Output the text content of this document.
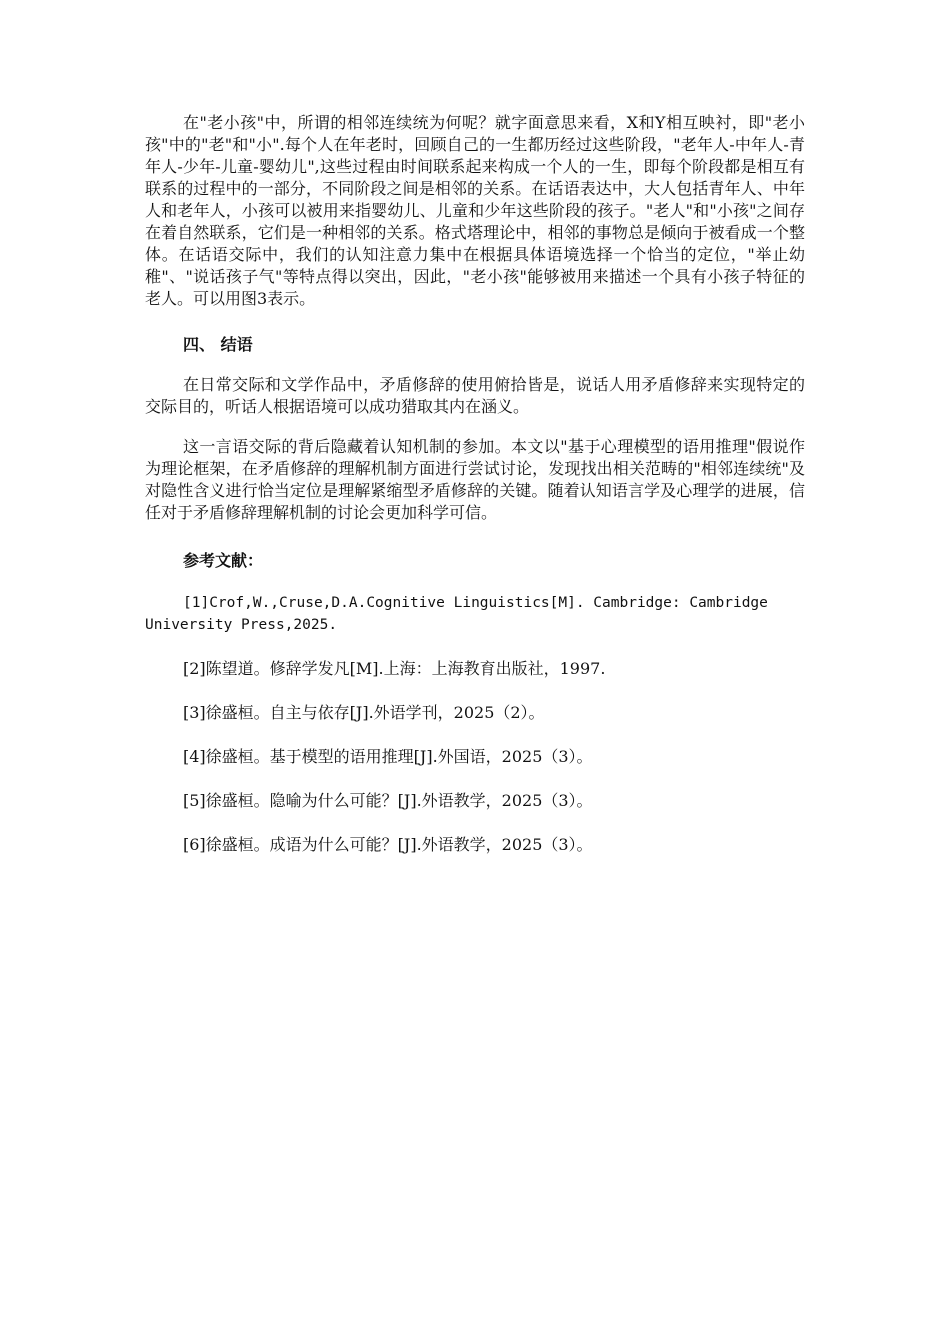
在"老小孩"中，所谓的相邻连续统为何呢？就字面意思来看，X和Y相互映衬，即"老小孩"中的"老"和"小".每个人在年老时，回顾自己的一生都历经过这些阶段，"老年人-中年人-青年人-少年-儿童-婴幼儿",这些过程由时间联系起来构成一个人的一生，即每个阶段都是相互有联系的过程中的一部分，不同阶段之间是相邻的关系。在话语表达中，大人包括青年人、中年人和老年人，小孩可以被用来指婴幼儿、儿童和少年这些阶段的孩子。"老人"和"小孩"之间存在着自然联系，它们是一种相邻的关系。格式塔理论中，相邻的事物总是倾向于被看成一个整体。在话语交际中，我们的认知注意力集中在根据具体语境选择一个恰当的定位，"举止幼稚"、"说话孩子气"等特点得以突出，因此，"老小孩"能够被用来描述一个具有小孩子特征的老人。可以用图3表示。

四、 结语

在日常交际和文学作品中，矛盾修辞的使用俯拾皆是，说话人用矛盾修辞来实现特定的交际目的，听话人根据语境可以成功猎取其内在涵义。

这一言语交际的背后隐藏着认知机制的参加。本文以"基于心理模型的语用推理"假说作为理论框架，在矛盾修辞的理解机制方面进行尝试讨论，发现找出相关范畴的"相邻连续统"及对隐性含义进行恰当定位是理解紧缩型矛盾修辞的关键。随着认知语言学及心理学的进展，信任对于矛盾修辞理解机制的讨论会更加科学可信。

参考文献：

[1]Crof,W.,Cruse,D.A.Cognitive Linguistics[M]. Cambridge: Cambridge University Press,2025.

[2]陈望道。修辞学发凡[M].上海：上海教育出版社，1997.

[3]徐盛桓。自主与依存[J].外语学刊，2025（2）。

[4]徐盛桓。基于模型的语用推理[J].外国语，2025（3）。

[5]徐盛桓。隐喻为什么可能？[J].外语教学，2025（3）。

[6]徐盛桓。成语为什么可能？[J].外语教学，2025（3）。
